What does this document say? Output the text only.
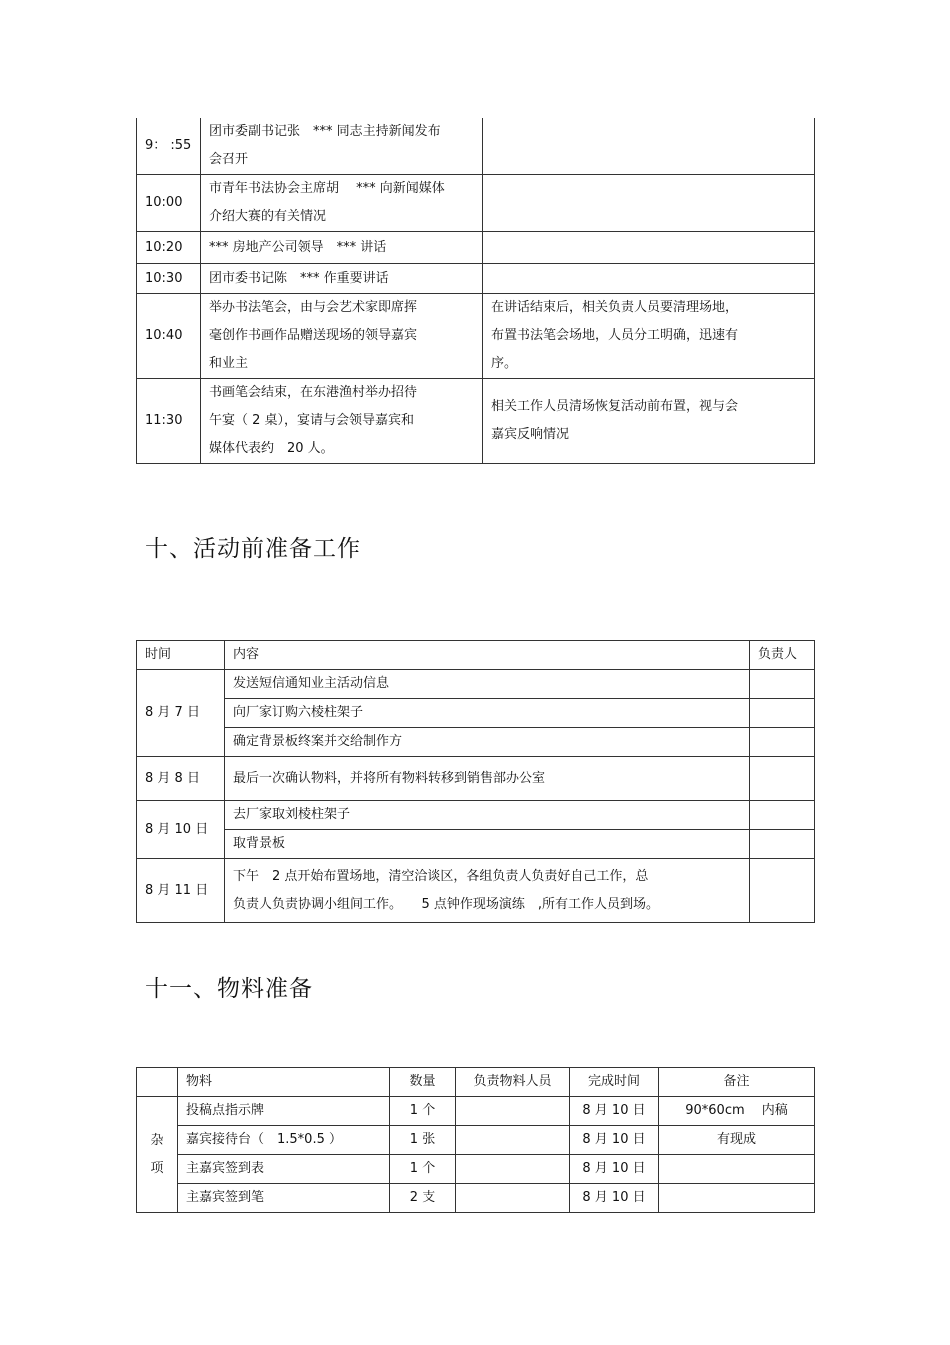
9： :55	团市委副书记张　*** 同志主持新闻发布
会召开	
10:00	市青年书法协会主席胡　 *** 向新闻媒体
介绍大赛的有关情况	
10:20	*** 房地产公司领导　*** 讲话	
10:30	团市委书记陈　*** 作重要讲话	
10:40	举办书法笔会，由与会艺术家即席挥
毫创作书画作品赠送现场的领导嘉宾
和业主	在讲话结束后，相关负责人员要清理场地，
布置书法笔会场地，人员分工明确，迅速有
序。
11:30	书画笔会结束，在东港渔村举办招待
午宴（ 2 桌），宴请与会领导嘉宾和
媒体代表约　20 人。	相关工作人员清场恢复活动前布置，视与会
嘉宾反响情况
十、活动前准备工作
时间	内容	负责人
8 月 7 日	发送短信通知业主活动信息	
	向厂家订购六棱柱架子	
	确定背景板终案并交给制作方	
8 月 8 日	最后一次确认物料，并将所有物料转移到销售部办公室	
8 月 10 日	去厂家取刘棱柱架子	
	取背景板	
8 月 11 日	下午　2 点开始布置场地，清空洽谈区，各组负责人负责好自己工作，总
负责人负责协调小组间工作。　　5 点钟作现场演练　,所有工作人员到场。	
十一、物料准备
	物料	数量	负责物料人员	完成时间	备注
杂
项	投稿点指示牌	1 个		8 月 10 日	90*60cm　 内稿
	嘉宾接待台（　1.5*0.5 ）	1 张		8 月 10 日	有现成
	主嘉宾签到表	1 个		8 月 10 日	
	主嘉宾签到笔	2 支		8 月 10 日	
